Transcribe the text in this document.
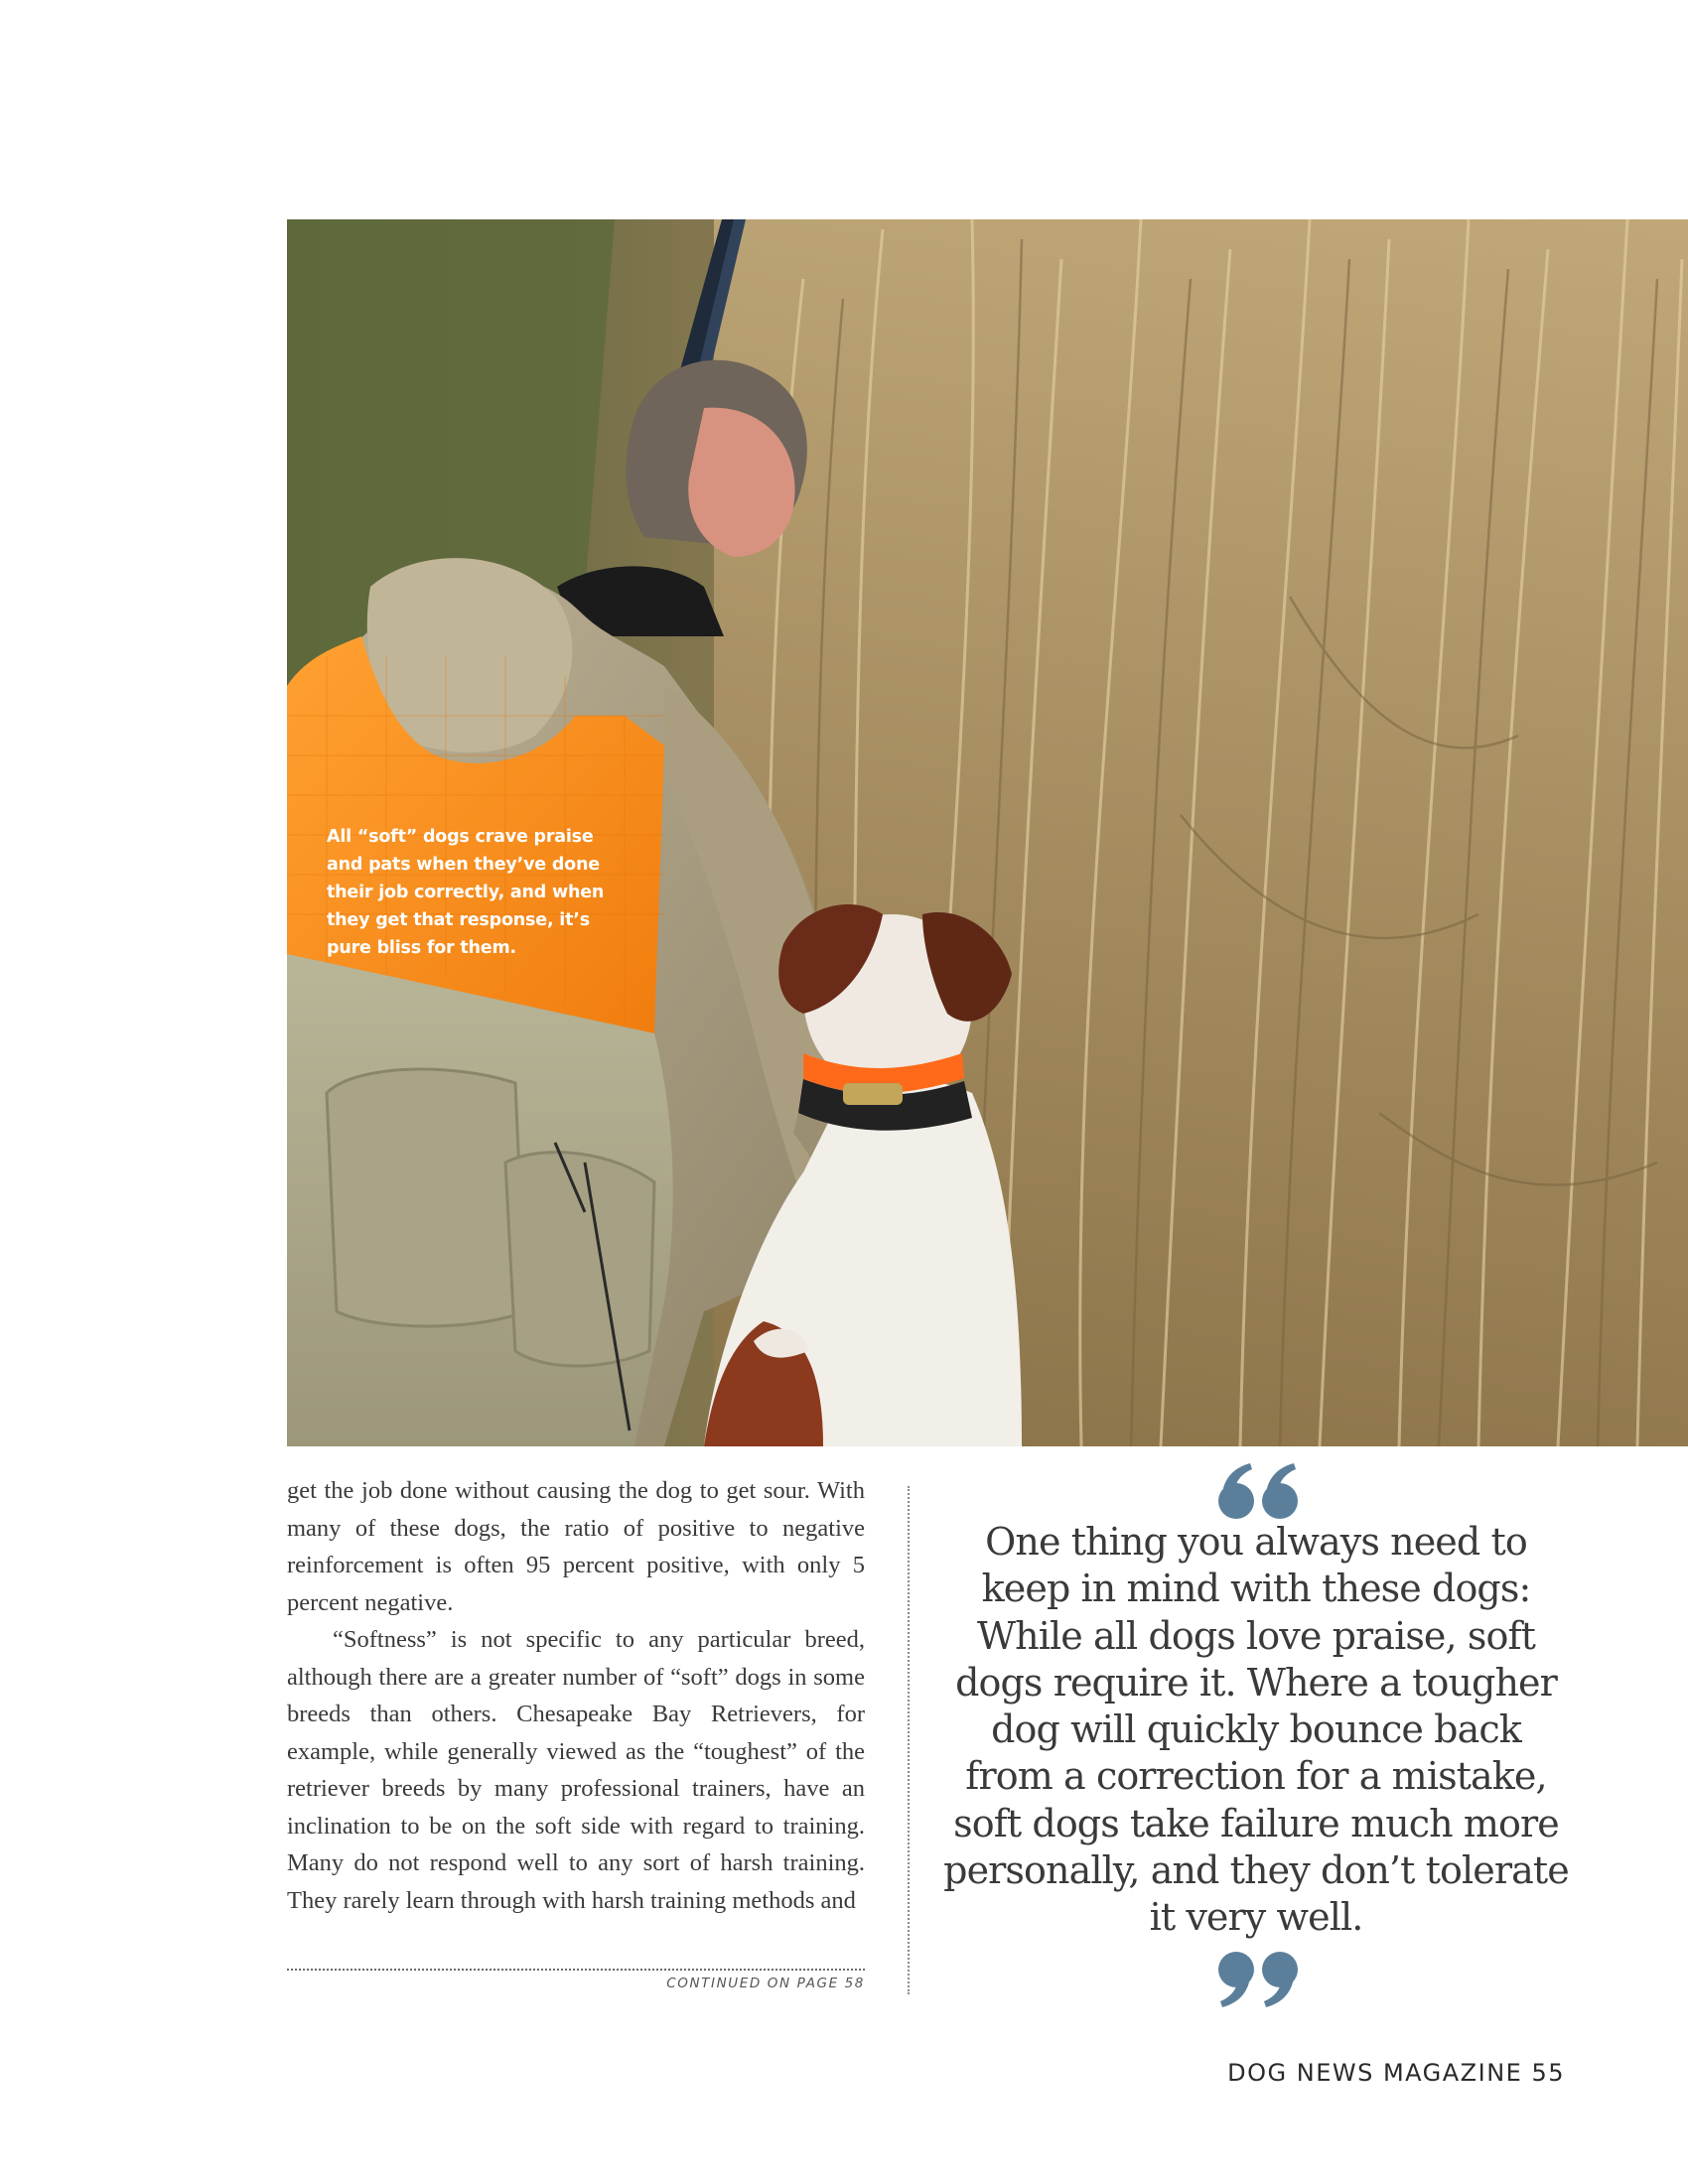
All “soft” dogs crave praise and pats when they’ve done their job correctly, and when they get that response, it’s pure bliss for them.

get the job done without causing the dog to get sour. With many of these dogs, the ratio of positive to negative reinforcement is often 95 percent positive, with only 5 percent negative.

“Softness” is not specific to any particular breed, although there are a greater number of “soft” dogs in some breeds than others. Chesapeake Bay Retrievers, for example, while generally viewed as the “toughest” of the retriever breeds by many professional trainers, have an inclination to be on the soft side with regard to training. Many do not respond well to any sort of harsh training. They rarely learn through with harsh training methods and

CONTINUED ON PAGE 58

One thing you always need to keep in mind with these dogs: While all dogs love praise, soft dogs require it. Where a tougher dog will quickly bounce back from a correction for a mistake, soft dogs take failure much more personally, and they don’t tolerate it very well.

DOG NEWS MAGAZINE 55
